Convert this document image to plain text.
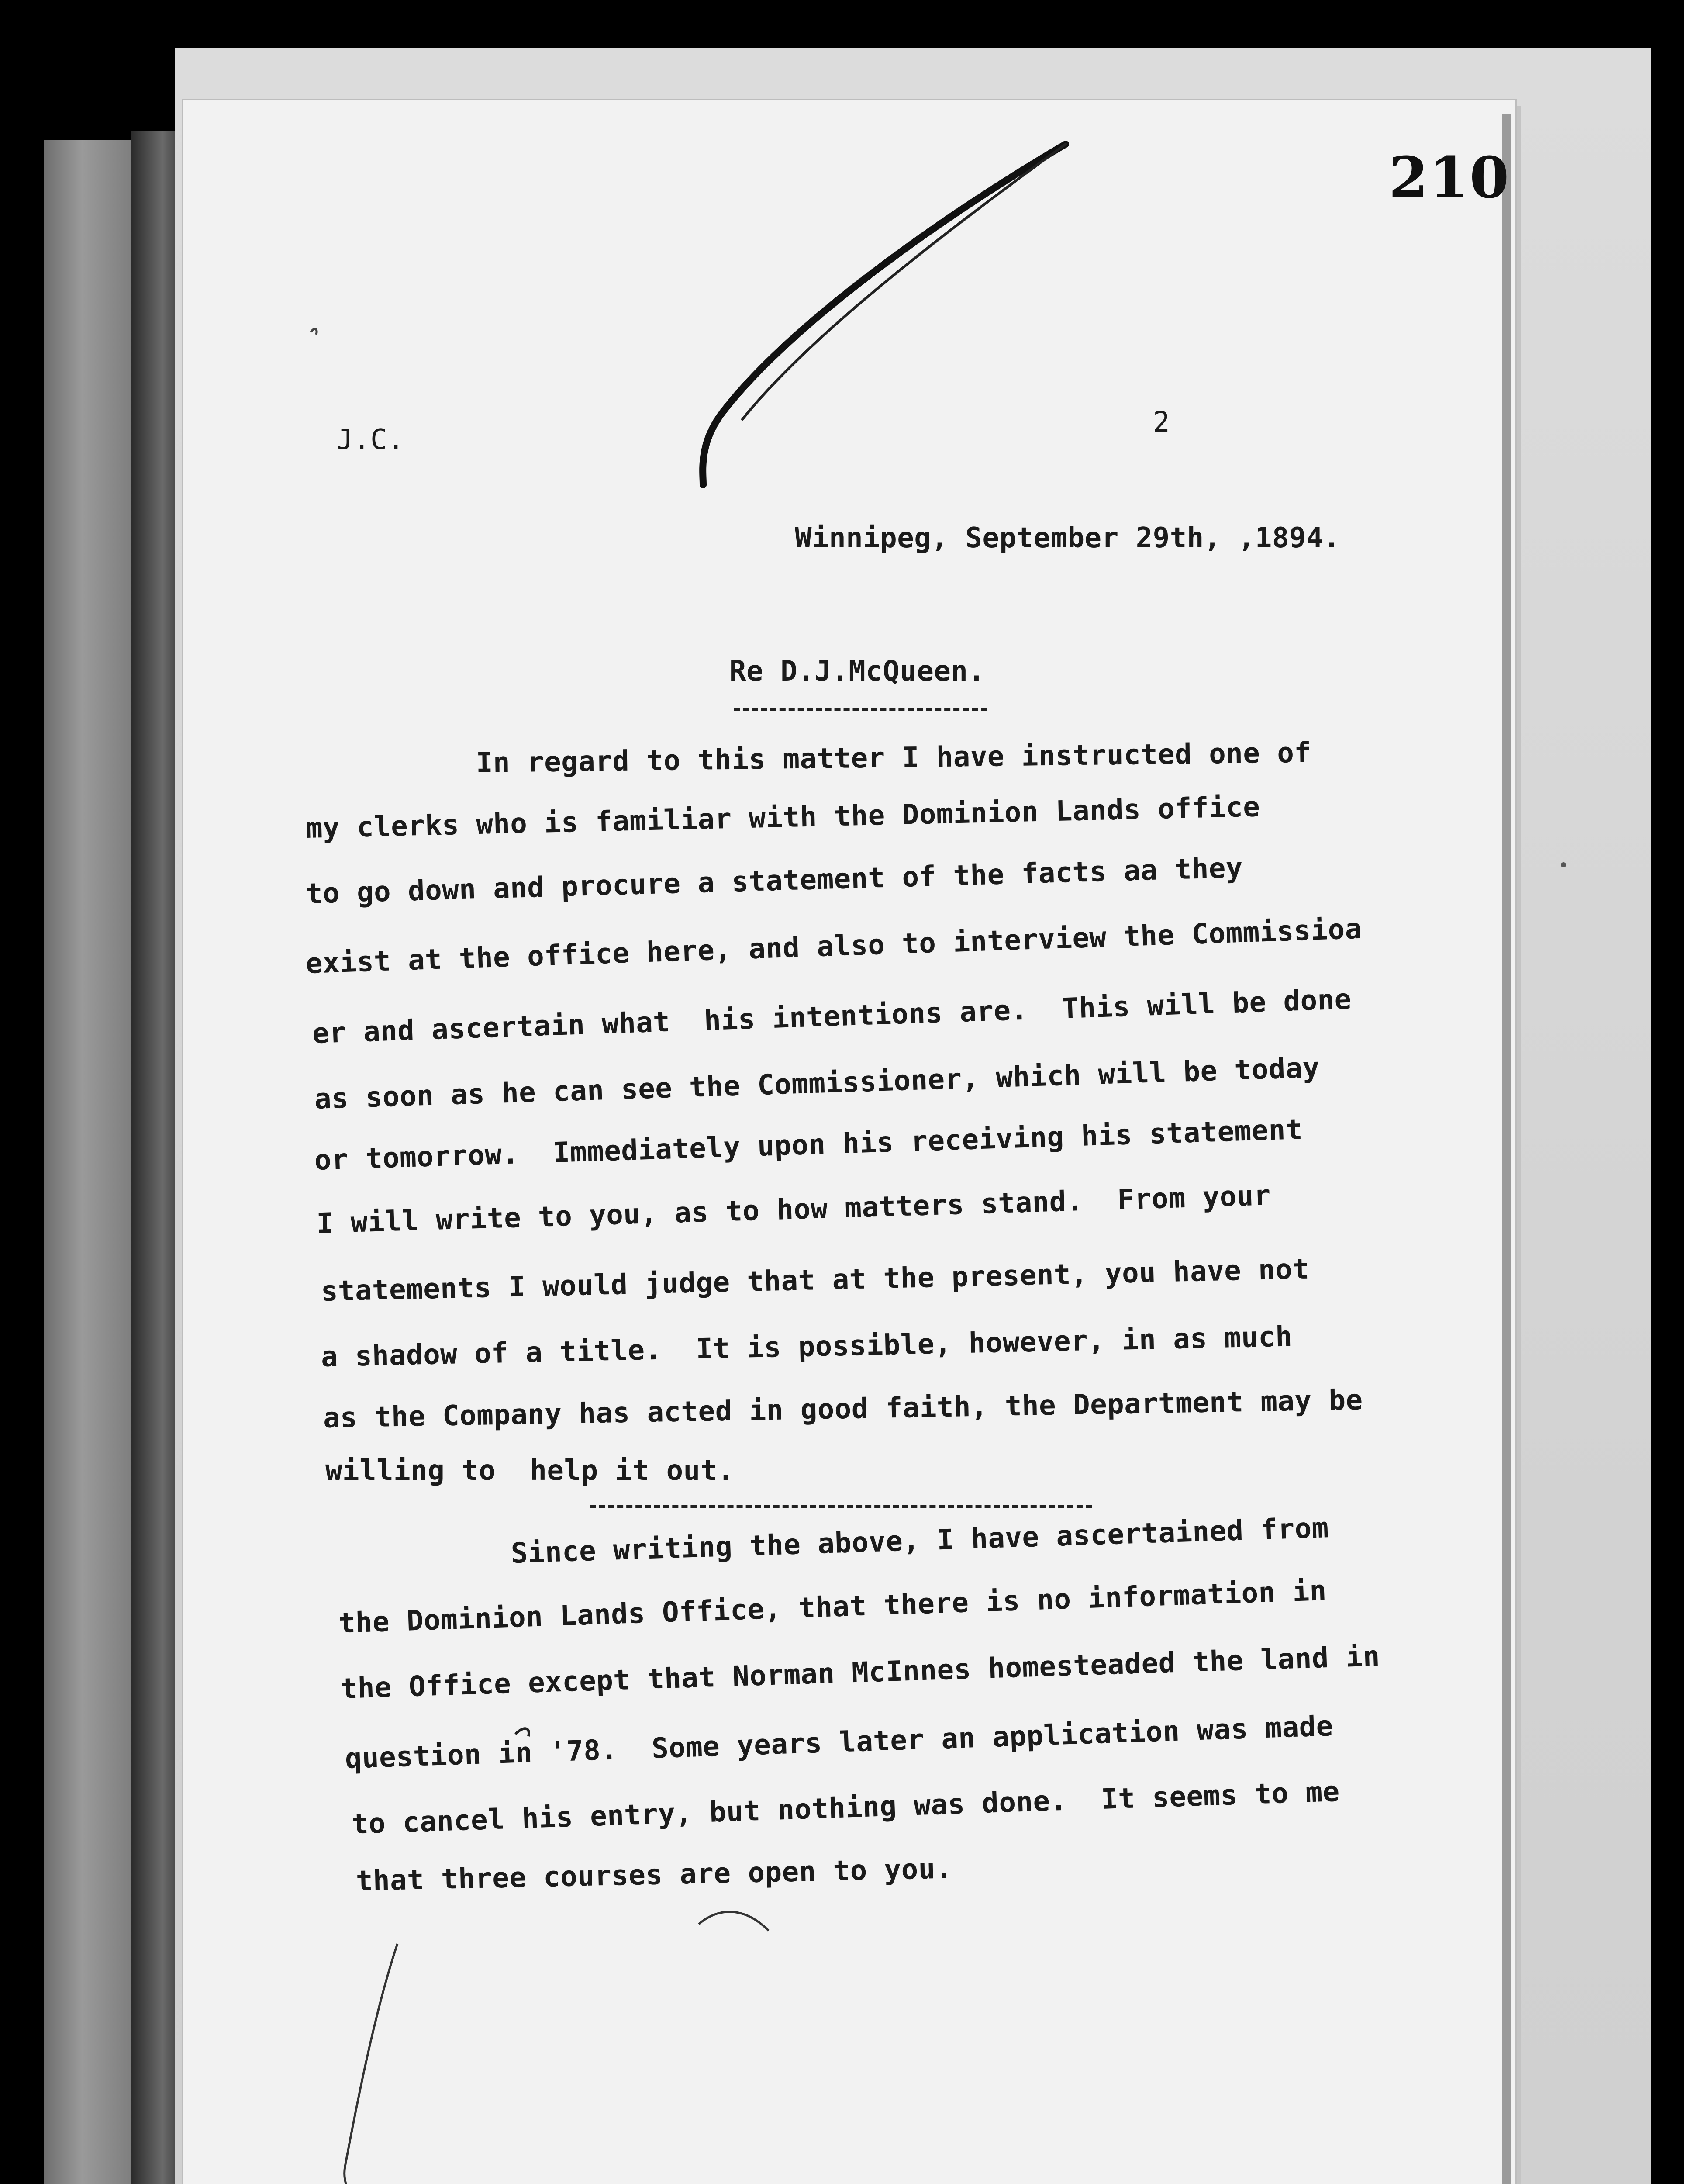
210
J.C.
2
Winnipeg, September 29th, ,1894.
Re D.J.McQueen.
In regard to this matter I have instructed one of
my clerks who is familiar with the Dominion Lands office
to go down and procure a statement of the facts aa they
exist at the office here, and also to interview the Commissioa
er and ascertain what  his intentions are.  This will be done
as soon as he can see the Commissioner, which will be today
or tomorrow.  Immediately upon his receiving his statement
I will write to you, as to how matters stand.  From your
statements I would judge that at the present, you have not
a shadow of a title.  It is possible, however, in as much
as the Company has acted in good faith, the Department may be
willing to  help it out.
Since writing the above, I have ascertained from
the Dominion Lands Office, that there is no information in
the Office except that Norman McInnes homesteaded the land in
question in '78.  Some years later an application was made
to cancel his entry, but nothing was done.  It seems to me
that three courses are open to you.
